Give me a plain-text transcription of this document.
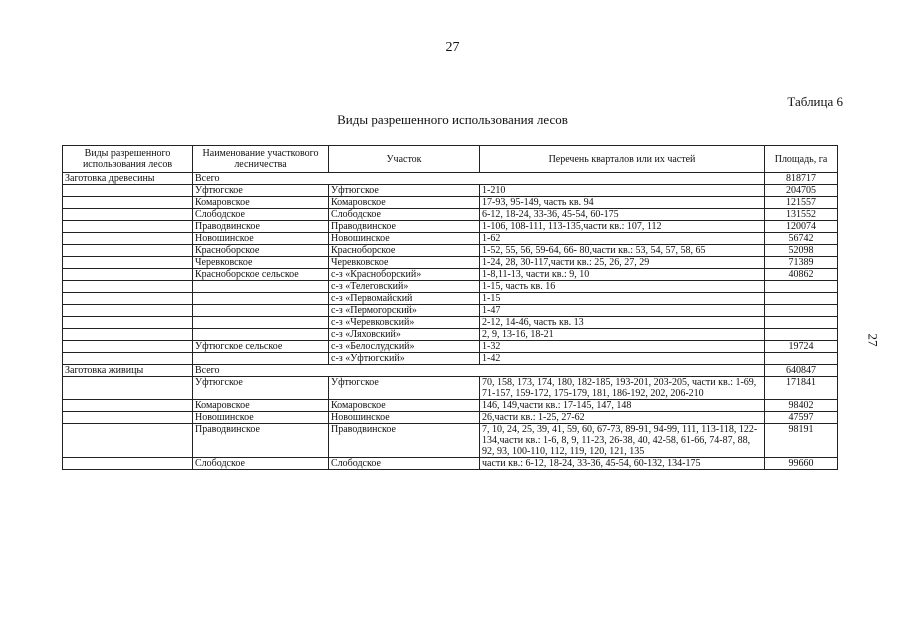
27
Таблица 6
Виды разрешенного использования лесов
27
Виды разрешенного использования лесов	Наименование участкового лесничества	Участок	Перечень кварталов или их частей	Площадь, га
Заготовка древесины	Всего			818717
	Уфтюгское	Уфтюгское	1-210	204705
	Комаровское	Комаровское	17-93, 95-149, часть кв. 94	121557
	Слободское	Слободское	6-12, 18-24, 33-36, 45-54, 60-175	131552
	Праводвинское	Праводвинское	1-106, 108-111, 113-135,части кв.: 107, 112	120074
	Новошинское	Новошинское	1-62	56742
	Красноборское	Красноборское	1-52, 55, 56, 59-64, 66- 80,части кв.: 53, 54, 57, 58, 65	52098
	Черевковское	Черевковское	1-24, 28, 30-117,части кв.: 25, 26, 27, 29	71389
	Красноборское сельское	с-з «Красноборский»	1-8,11-13, части кв.: 9, 10	40862
		с-з «Телеговский»	1-15, часть кв. 16	
		с-з «Первомайский	1-15	
		с-з «Пермогорский»	1-47	
		с-з «Черевковский»	2-12, 14-46, часть кв. 13	
		с-з «Ляховский»	2, 9, 13-16, 18-21	
	Уфтюгское сельское	с-з «Белослудский»	1-32	19724
		с-з «Уфтюгский»	1-42	
Заготовка живицы	Всего			640847
	Уфтюгское	Уфтюгское	70, 158, 173, 174, 180, 182-185, 193-201, 203-205, части кв.: 1-69, 71-157, 159-172, 175-179, 181, 186-192, 202, 206-210	171841
	Комаровское	Комаровское	146, 149,части кв.: 17-145, 147, 148	98402
	Новошинское	Новошинское	26,части кв.: 1-25, 27-62	47597
	Праводвинское	Праводвинское	7, 10, 24, 25, 39, 41, 59, 60, 67-73, 89-91, 94-99, 111, 113-118, 122-134,части кв.: 1-6, 8, 9, 11-23, 26-38, 40, 42-58, 61-66, 74-87, 88, 92, 93, 100-110, 112, 119, 120, 121, 135	98191
	Слободское	Слободское	части кв.: 6-12, 18-24, 33-36, 45-54, 60-132, 134-175	99660
